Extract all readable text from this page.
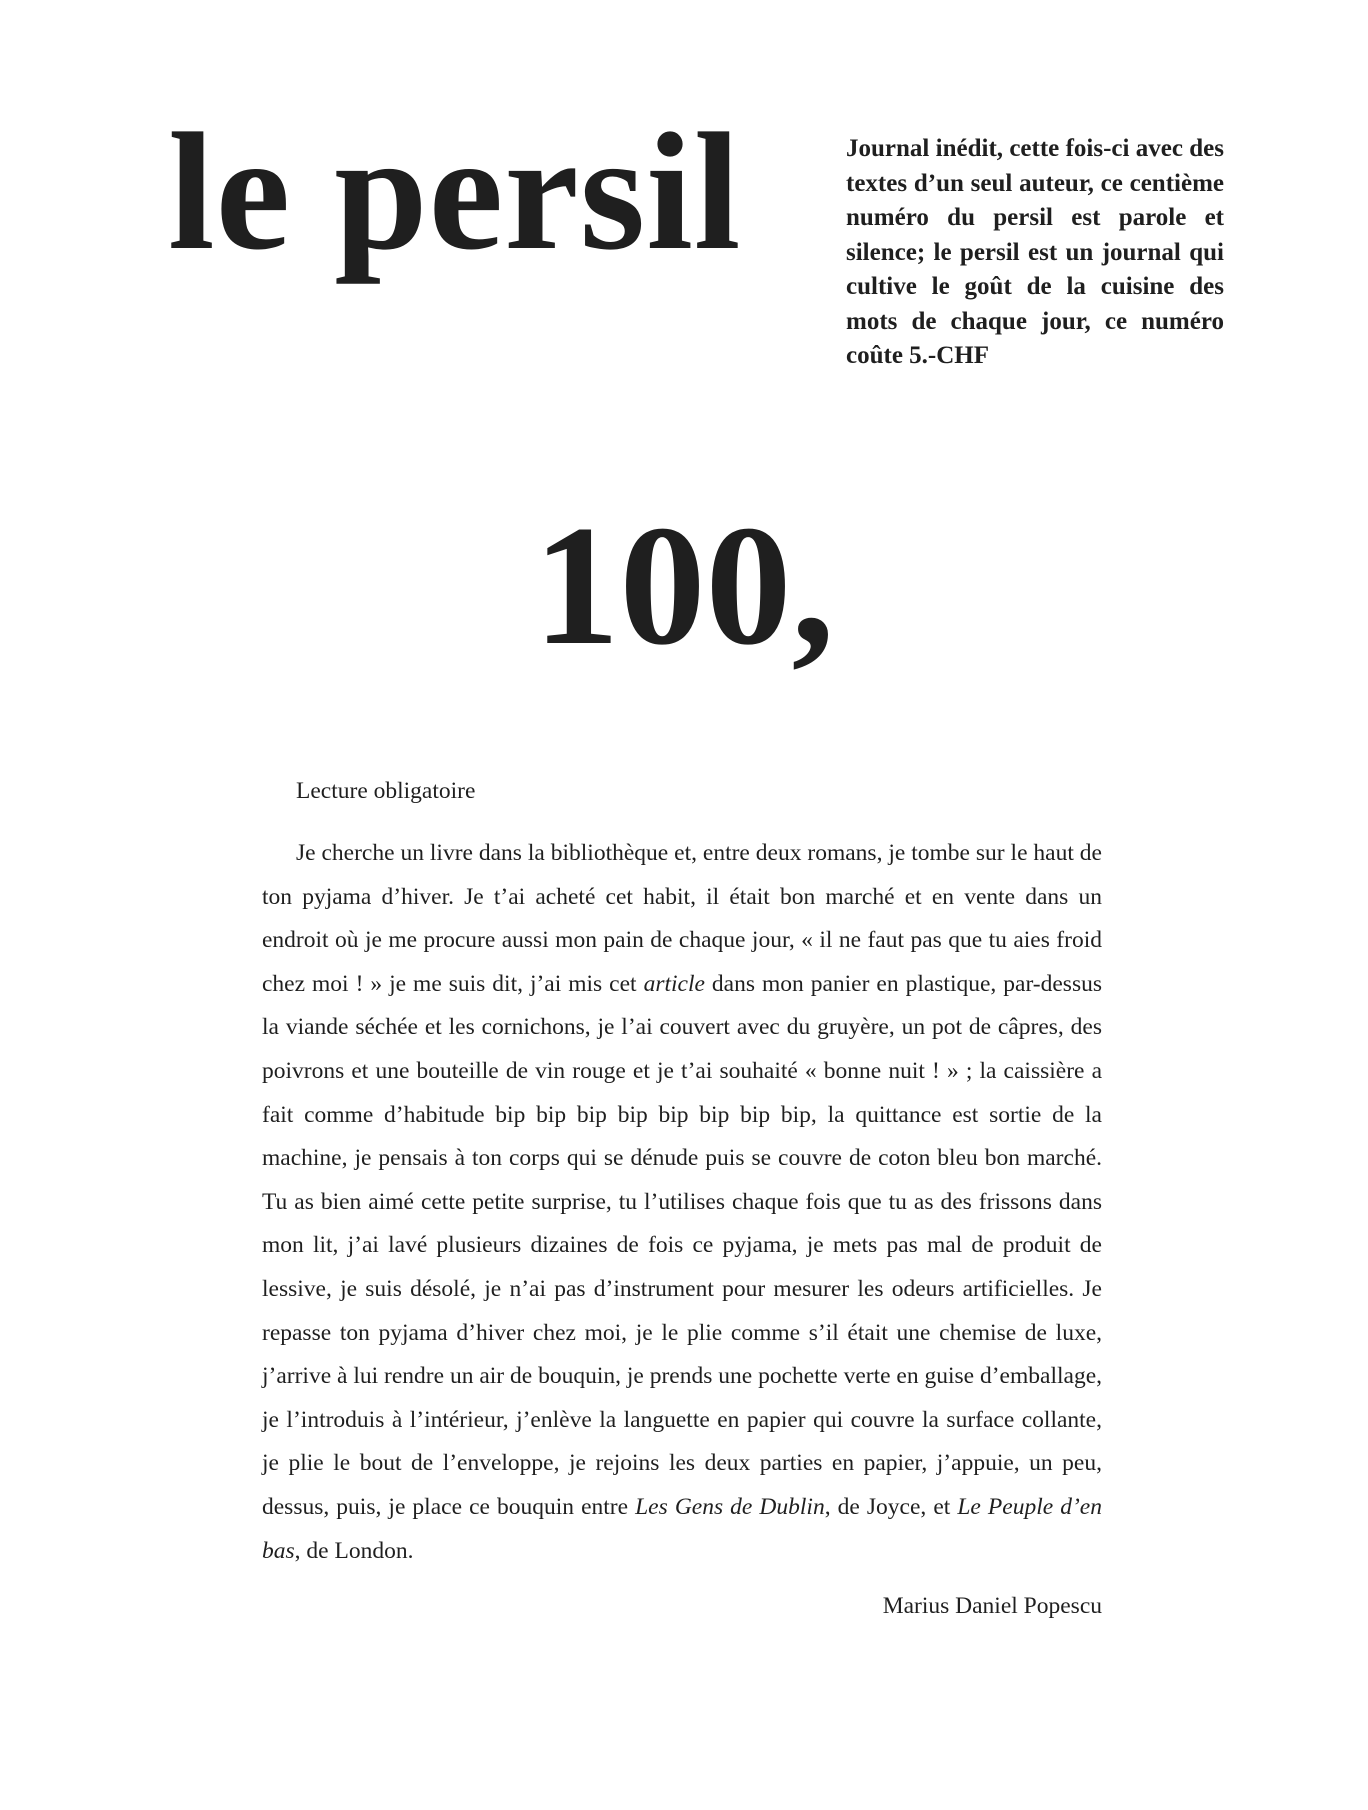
le persil	Journal inédit, cette fois-ci avec des textes d’un seul auteur, ce centième numéro du persil est parole et silence; le persil est un journal qui cultive le goût de la cuisine des mots de chaque jour, ce numéro coûte 5.-CHF

100,
Lecture obligatoire

Je cherche un livre dans la bibliothèque et, entre deux romans, je tombe sur le haut de ton pyjama d’hiver. Je t’ai acheté cet habit, il était bon marché et en vente dans un endroit où je me procure aussi mon pain de chaque jour, « il ne faut pas que tu aies froid chez moi ! » je me suis dit, j’ai mis cet article dans mon panier en plastique, par-dessus la viande séchée et les cornichons, je l’ai couvert avec du gruyère, un pot de câpres, des poivrons et une bouteille de vin rouge et je t’ai souhaité « bonne nuit ! » ; la caissière a fait comme d’habitude bip bip bip bip bip bip bip bip, la quittance est sortie de la machine, je pensais à ton corps qui se dénude puis se couvre de coton bleu bon marché. Tu as bien aimé cette petite surprise, tu l’utilises chaque fois que tu as des frissons dans mon lit, j’ai lavé plusieurs dizaines de fois ce pyjama, je mets pas mal de produit de lessive, je suis désolé, je n’ai pas d’instrument pour mesurer les odeurs artificielles. Je repasse ton pyjama d’hiver chez moi, je le plie comme s’il était une chemise de luxe, j’arrive à lui rendre un air de bouquin, je prends une pochette verte en guise d’emballage, je l’introduis à l’intérieur, j’enlève la languette en papier qui couvre la surface collante, je plie le bout de l’enveloppe, je rejoins les deux parties en papier, j’appuie, un peu, dessus, puis, je place ce bouquin entre Les Gens de Dublin, de Joyce, et Le Peuple d’en bas, de London.

Marius Daniel Popescu
